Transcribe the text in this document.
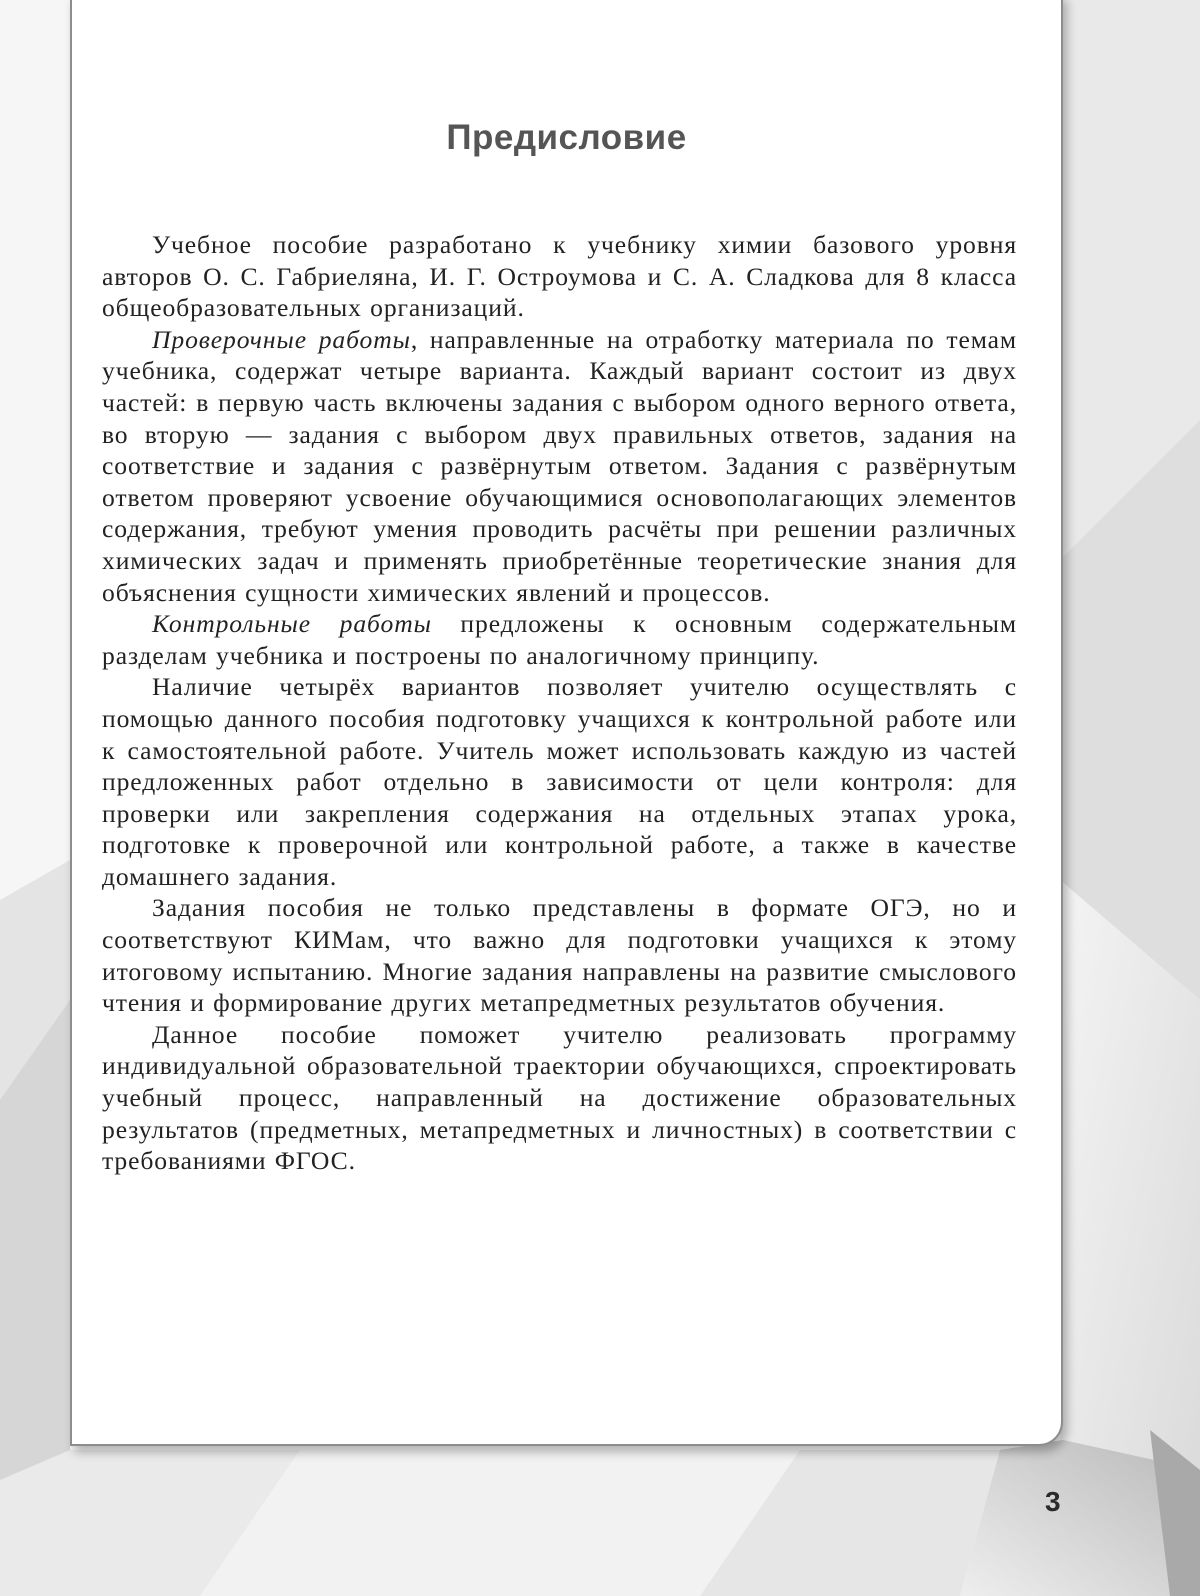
Предисловие

Учебное пособие разработано к учебнику химии базового уровня авторов О. С. Габриеляна, И. Г. Остроумова и С. А. Сладкова для 8 класса общеобразовательных организаций.

Проверочные работы, направленные на отработку материала по темам учебника, содержат четыре варианта. Каждый вариант состоит из двух частей: в первую часть включены задания с выбором одного верного ответа, во вторую — задания с выбором двух правильных ответов, задания на соответствие и задания с развёрнутым ответом. Задания с развёрнутым ответом проверяют усвоение обучающимися основополагающих элементов содержания, требуют умения проводить расчёты при решении различных химических задач и применять приобретённые теоретические знания для объяснения сущности химических явлений и процессов.

Контрольные работы предложены к основным содержательным разделам учебника и построены по аналогичному принципу.

Наличие четырёх вариантов позволяет учителю осуществлять с помощью данного пособия подготовку учащихся к контрольной работе или к самостоятельной работе. Учитель может использовать каждую из частей предложенных работ отдельно в зависимости от цели контроля: для проверки или закрепления содержания на отдельных этапах урока, подготовке к проверочной или контрольной работе, а также в качестве домашнего задания.

Задания пособия не только представлены в формате ОГЭ, но и соответствуют КИМам, что важно для подготовки учащихся к этому итоговому испытанию. Многие задания направлены на развитие смыслового чтения и формирование других метапредметных результатов обучения.

Данное пособие поможет учителю реализовать программу индивидуальной образовательной траектории обучающихся, спроектировать учебный процесс, направленный на достижение образовательных результатов (предметных, метапредметных и личностных) в соответствии с требованиями ФГОС.

3
